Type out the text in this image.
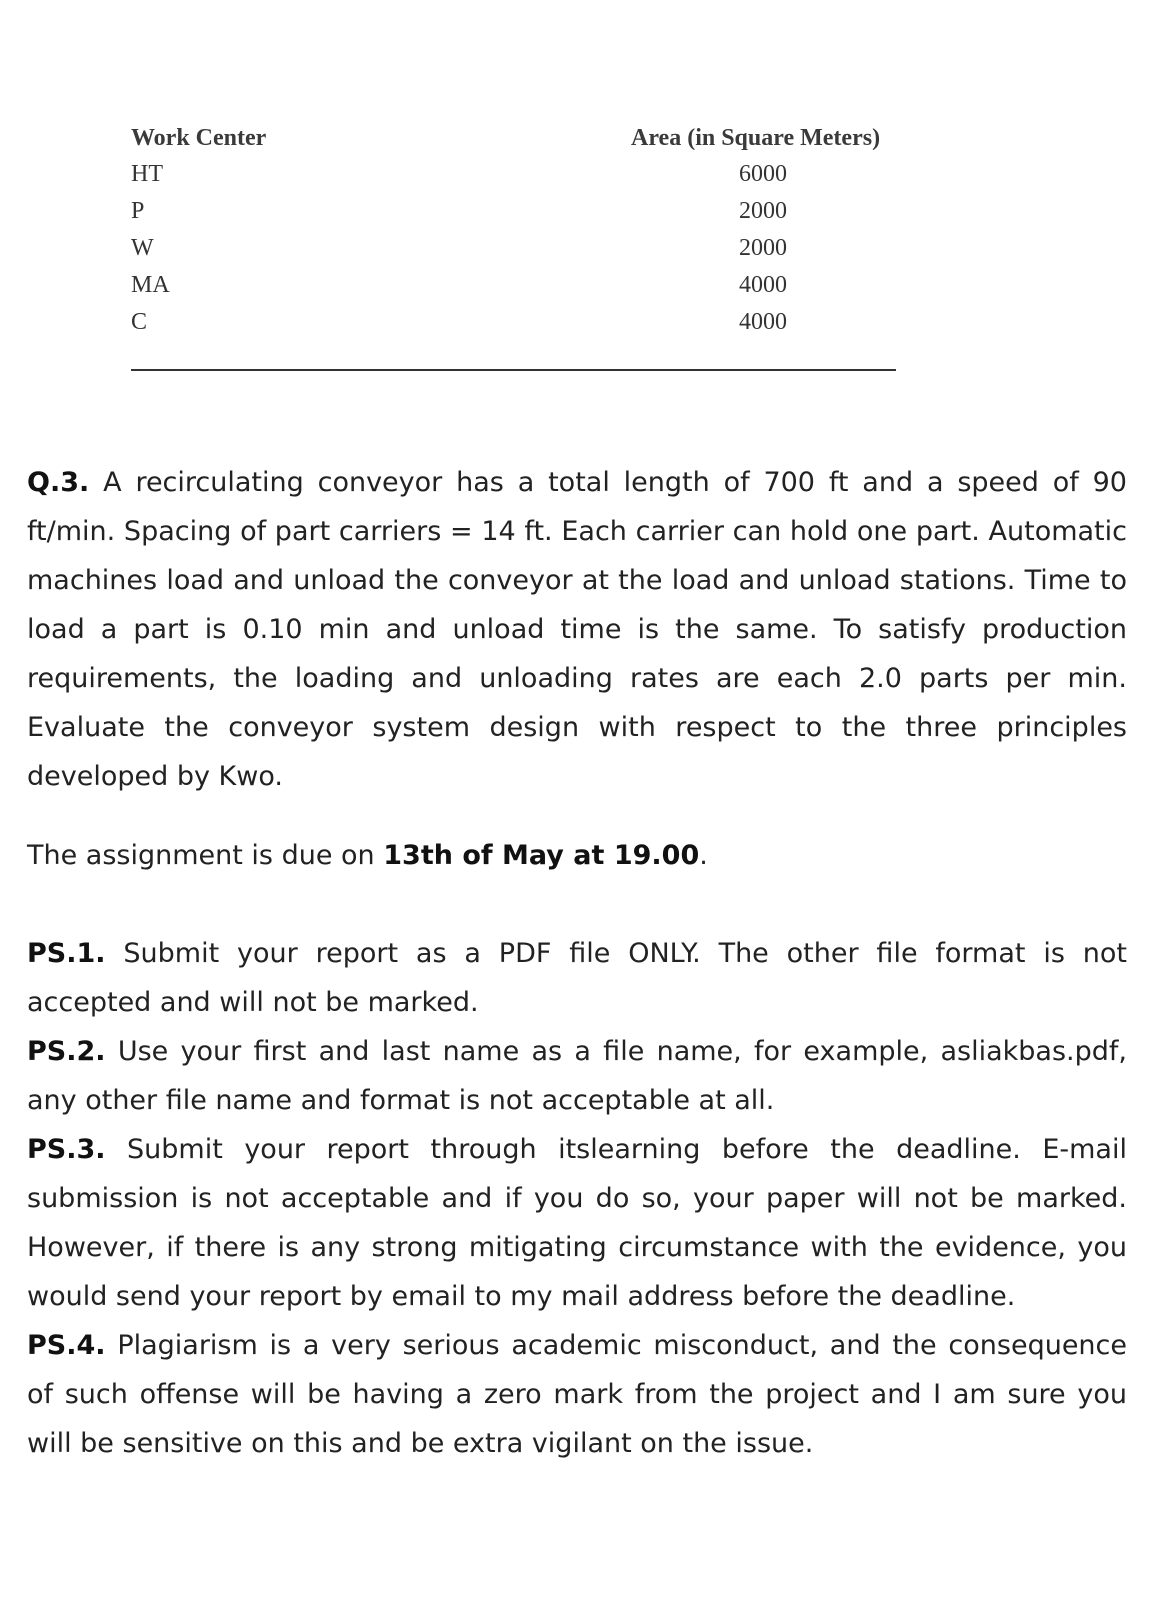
Work Center	Area (in Square Meters)
HT	6000
P	2000
W	2000
MA	4000
C	4000

Q.3. A recirculating conveyor has a total length of 700 ft and a speed of 90 ft/min. Spacing of part carriers = 14 ft. Each carrier can hold one part. Automatic machines load and unload the conveyor at the load and unload stations. Time to load a part is 0.10 min and unload time is the same. To satisfy production requirements, the loading and unloading rates are each 2.0 parts per min. Evaluate the conveyor system design with respect to the three principles developed by Kwo.

The assignment is due on 13th of May at 19.00.

PS.1. Submit your report as a PDF file ONLY. The other file format is not accepted and will not be marked.

PS.2. Use your first and last name as a file name, for example, asliakbas.pdf, any other file name and format is not acceptable at all.

PS.3. Submit your report through itslearning before the deadline. E-mail submission is not acceptable and if you do so, your paper will not be marked. However, if there is any strong mitigating circumstance with the evidence, you would send your report by email to my mail address before the deadline.

PS.4. Plagiarism is a very serious academic misconduct, and the consequence of such offense will be having a zero mark from the project and I am sure you will be sensitive on this and be extra vigilant on the issue.
